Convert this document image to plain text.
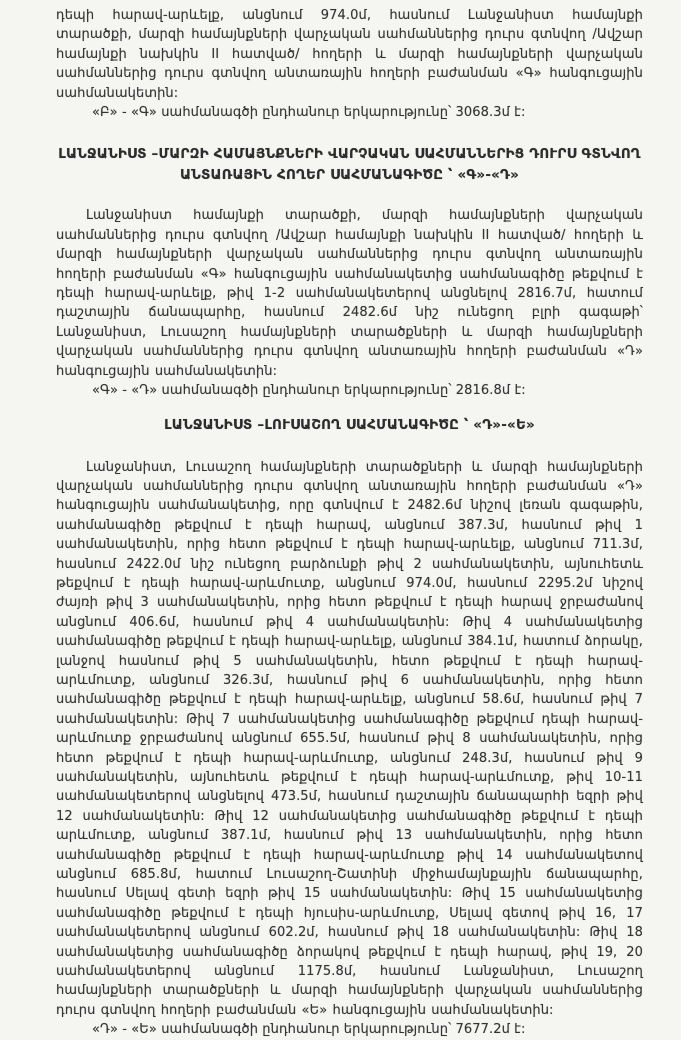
դեպի հարավ-արևելք, անցնում 974.0մ, հասնում Լանջանիստ համայնքի տարածքի, մարզի համայնքների վարչական սահմաններից դուրս գտնվող /Ավշար համայնքի նախկին II հատված/ հողերի և մարզի համայնքների վարչական սահմաններից դուրս գտնվող անտառային հողերի բաժանման «Գ» հանգուցային սահմանակետին:

«Բ» - «Գ» սահմանագծի ընդհանուր երկարությունը՝ 3068.3մ է:

ԼԱՆՋԱՆԻՍՏ –ՄԱՐԶԻ ՀԱՄԱՅՆՔՆԵՐԻ ՎԱՐՉԱԿԱՆ ՍԱՀՄԱՆՆԵՐԻՑ ԴՈՒՐՍ ԳՏՆՎՈՂ
ԱՆՏԱՌԱՅԻՆ ՀՈՂԵՐ ՍԱՀՄԱՆԱԳԻԾԸ ՝ «Գ»-«Դ»

Լանջանիստ համայնքի տարածքի, մարզի համայնքների վարչական սահմաններից դուրս գտնվող /Ավշար համայնքի նախկին II հատված/ հողերի և մարզի համայնքների վարչական սահմաններից դուրս գտնվող անտառային հողերի բաժանման «Գ» հանգուցային սահմանակետից սահմանագիծը թեքվում է դեպի հարավ-արևելք, թիվ 1-2 սահմանակետերով անցնելով 2816.7մ, հատում դաշտային ճանապարհը, հասնում 2482.6մ նիշ ունեցող բլրի գագաթի՝ Լանջանիստ, Լուսաշող համայնքների տարածքների և մարզի համայնքների վարչական սահմաններից դուրս գտնվող անտառային հողերի բաժանման «Դ» հանգուցային սահմանակետին:

«Գ» - «Դ» սահմանագծի ընդհանուր երկարությունը՝ 2816.8մ է:

ԼԱՆՋԱՆԻՍՏ –ԼՈՒՍԱՇՈՂ ՍԱՀՄԱՆԱԳԻԾԸ ՝ «Դ»-«Ե»

Լանջանիստ, Լուսաշող համայնքների տարածքների և մարզի համայնքների վարչական սահմաններից դուրս գտնվող անտառային հողերի բաժանման «Դ» հանգուցային սահմանակետից, որը գտնվում է 2482.6մ նիշով լեռան գագաթին, սահմանագիծը թեքվում է դեպի հարավ, անցնում 387.3մ, հասնում թիվ 1 սահմանակետին, որից հետո թեքվում է դեպի հարավ-արևելք, անցնում 711.3մ, հասնում 2422.0մ նիշ ունեցող բարձունքի թիվ 2 սահմանակետին, այնուհետև թեքվում է դեպի հարավ-արևմուտք, անցնում 974.0մ, հասնում 2295.2մ նիշով ժայռի թիվ 3 սահմանակետին, որից հետո թեքվում է դեպի հարավ ջրբաժանով անցնում 406.6մ, հասնում թիվ 4 սահմանակետին: Թիվ 4 սահմանակետից սահմանագիծը թեքվում է դեպի հարավ-արևելք, անցնում 384.1մ, հատում ձորակը, լանջով հասնում թիվ 5 սահմանակետին, հետո թեքվում է դեպի հարավ-արևմուտք, անցնում 326.3մ, հասնում թիվ 6 սահմանակետին, որից հետո սահմանագիծը թեքվում է դեպի հարավ-արևելք, անցնում 58.6մ, հասնում թիվ 7 սահմանակետին: Թիվ 7 սահմանակետից սահմանագիծը թեքվում դեպի հարավ-արևմուտք ջրբաժանով անցնում 655.5մ, հասնում թիվ 8 սահմանակետին, որից հետո թեքվում է դեպի հարավ-արևմուտք, անցնում 248.3մ, հասնում թիվ 9 սահմանակետին, այնուհետև թեքվում է դեպի հարավ-արևմուտք, թիվ 10-11 սահմանակետերով անցնելով 473.5մ, հասնում դաշտային ճանապարհի եզրի թիվ 12 սահմանակետին: Թիվ 12 սահմանակետից սահմանագիծը թեքվում է դեպի արևմուտք, անցնում 387.1մ, հասնում թիվ 13 սահմանակետին, որից հետո սահմանագիծը թեքվում է դեպի հարավ-արևմուտք թիվ 14 սահմանակետով անցնում 685.8մ, հատում Լուսաշող-Շատինի միջհամայնքային ճանապարհը, հասնում Սելավ գետի եզրի թիվ 15 սահմանակետին: Թիվ 15 սահմանակետից սահմանագիծը թեքվում է դեպի հյուսիս-արևմուտք, Սելավ գետով թիվ 16, 17 սահմանակետերով անցնում 602.2մ, հասնում թիվ 18 սահմանակետին: Թիվ 18 սահմանակետից սահմանագիծը ձորակով թեքվում է դեպի հարավ, թիվ 19, 20 սահմանակետերով անցնում 1175.8մ, հասնում Լանջանիստ, Լուսաշող համայնքների տարածքների և մարզի համայնքների վարչական սահմաններից դուրս գտնվող հողերի բաժանման «Ե» հանգուցային սահմանակետին:

«Դ» - «Ե» սահմանագծի ընդհանուր երկարությունը՝ 7677.2մ է:
